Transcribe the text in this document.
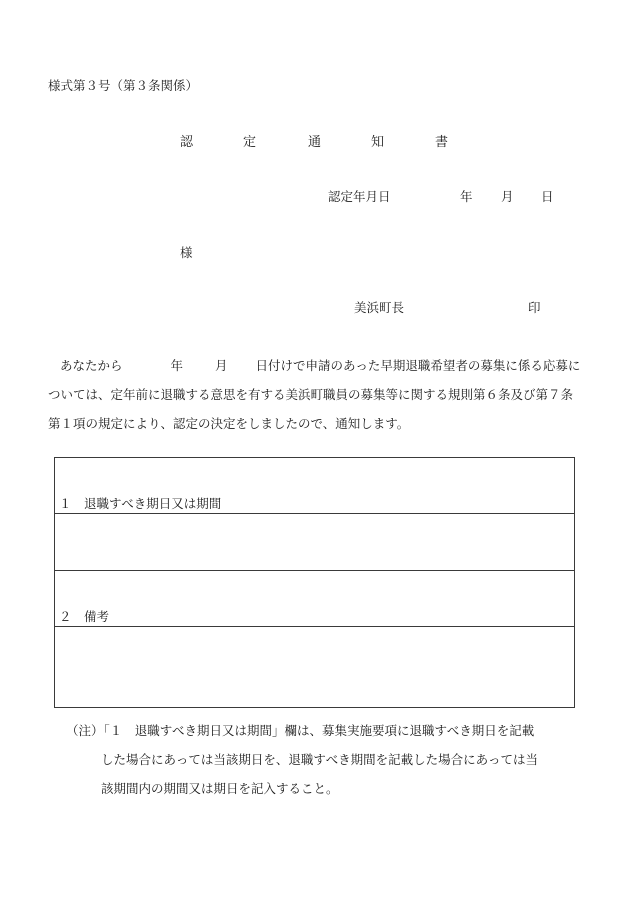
様式第３号（第３条関係）
認	定	通	知	書
認定年月日	年 月 日
様
美浜町長	印
あなたから	年	月 日付けで申請のあった早期退職希望者の募集に係る応募については、定年前に退職する意思を有する美浜町職員の募集等に関する規則第６条及び第７条第１項の規定により、認定の決定をしましたので、通知します。
１　退職すべき期日又は期間
２　備考
（注）「１　退職すべき期日又は期間」欄は、募集実施要項に退職すべき期日を記載
した場合にあっては当該期日を、退職すべき期間を記載した場合にあっては当
該期間内の期間又は期日を記入すること。
